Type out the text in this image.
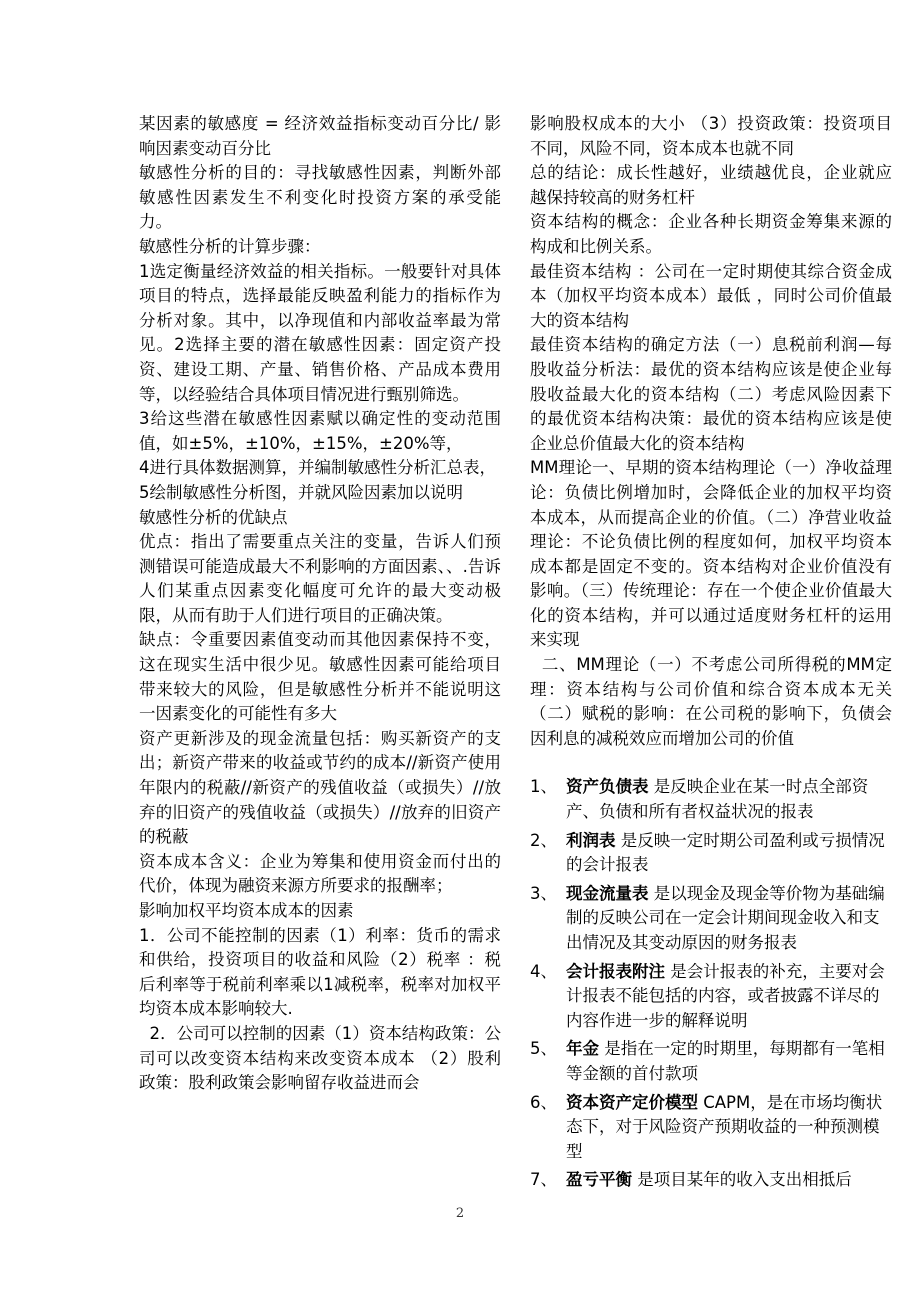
某因素的敏感度 = 经济效益指标变动百分比/ 影响因素变动百分比

敏感性分析的目的：寻找敏感性因素，判断外部敏感性因素发生不利变化时投资方案的承受能力。

敏感性分析的计算步骤：

1选定衡量经济效益的相关指标。一般要针对具体项目的特点，选择最能反映盈利能力的指标作为分析对象。其中，以净现值和内部收益率最为常见。2选择主要的潜在敏感性因素：固定资产投资、建设工期、产量、销售价格、产品成本费用等，以经验结合具体项目情况进行甄别筛选。

3给这些潜在敏感性因素赋以确定性的变动范围值，如±5%，±10%，±15%，±20%等，

4进行具体数据测算，并编制敏感性分析汇总表，

5绘制敏感性分析图，并就风险因素加以说明

敏感性分析的优缺点

优点：指出了需要重点关注的变量，告诉人们预测错误可能造成最大不利影响的方面因素、、.告诉人们某重点因素变化幅度可允许的最大变动极限，从而有助于人们进行项目的正确决策。

缺点：令重要因素值变动而其他因素保持不变，这在现实生活中很少见。敏感性因素可能给项目带来较大的风险，但是敏感性分析并不能说明这一因素变化的可能性有多大

资产更新涉及的现金流量包括：购买新资产的支出；新资产带来的收益或节约的成本//新资产使用年限内的税蔽//新资产的残值收益（或损失）//放弃的旧资产的残值收益（或损失）//放弃的旧资产的税蔽

资本成本含义：企业为筹集和使用资金而付出的代价，体现为融资来源方所要求的报酬率；

影响加权平均资本成本的因素

1．公司不能控制的因素（1）利率：货币的需求和供给，投资项目的收益和风险（2）税率 ：税后利率等于税前利率乘以1减税率，税率对加权平均资本成本影响较大.

2．公司可以控制的因素（1）资本结构政策：公司可以改变资本结构来改变资本成本 （2）股利政策：股利政策会影响留存收益进而会

影响股权成本的大小 （3）投资政策：投资项目不同，风险不同，资本成本也就不同

总的结论：成长性越好，业绩越优良，企业就应越保持较高的财务杠杆

资本结构的概念：企业各种长期资金筹集来源的构成和比例关系。

最佳资本结构 ：公司在一定时期使其综合资金成本（加权平均资本成本）最低 ，同时公司价值最大的资本结构

最佳资本结构的确定方法（一）息税前利润—每股收益分析法：最优的资本结构应该是使企业每股收益最大化的资本结构（二）考虑风险因素下的最优资本结构决策：最优的资本结构应该是使企业总价值最大化的资本结构

MM理论一、早期的资本结构理论（一）净收益理论：负债比例增加时，会降低企业的加权平均资本成本，从而提高企业的价值。（二）净营业收益理论：不论负债比例的程度如何，加权平均资本成本都是固定不变的。资本结构对企业价值没有影响。（三）传统理论：存在一个使企业价值最大化的资本结构，并可以通过适度财务杠杆的运用来实现

二、MM理论（一）不考虑公司所得税的MM定理：资本结构与公司价值和综合资本成本无关（二）赋税的影响：在公司税的影响下，负债会因利息的减税效应而增加公司的价值

1、 资产负债表 是反映企业在某一时点全部资产、负债和所有者权益状况的报表
2、 利润表 是反映一定时期公司盈利或亏损情况的会计报表
3、 现金流量表 是以现金及现金等价物为基础编制的反映公司在一定会计期间现金收入和支出情况及其变动原因的财务报表
4、 会计报表附注 是会计报表的补充，主要对会计报表不能包括的内容，或者披露不详尽的内容作进一步的解释说明
5、 年金 是指在一定的时期里，每期都有一笔相等金额的首付款项
6、 资本资产定价模型 CAPM，是在市场均衡状态下，对于风险资产预期收益的一种预测模型
7、 盈亏平衡 是项目某年的收入支出相抵后
2
